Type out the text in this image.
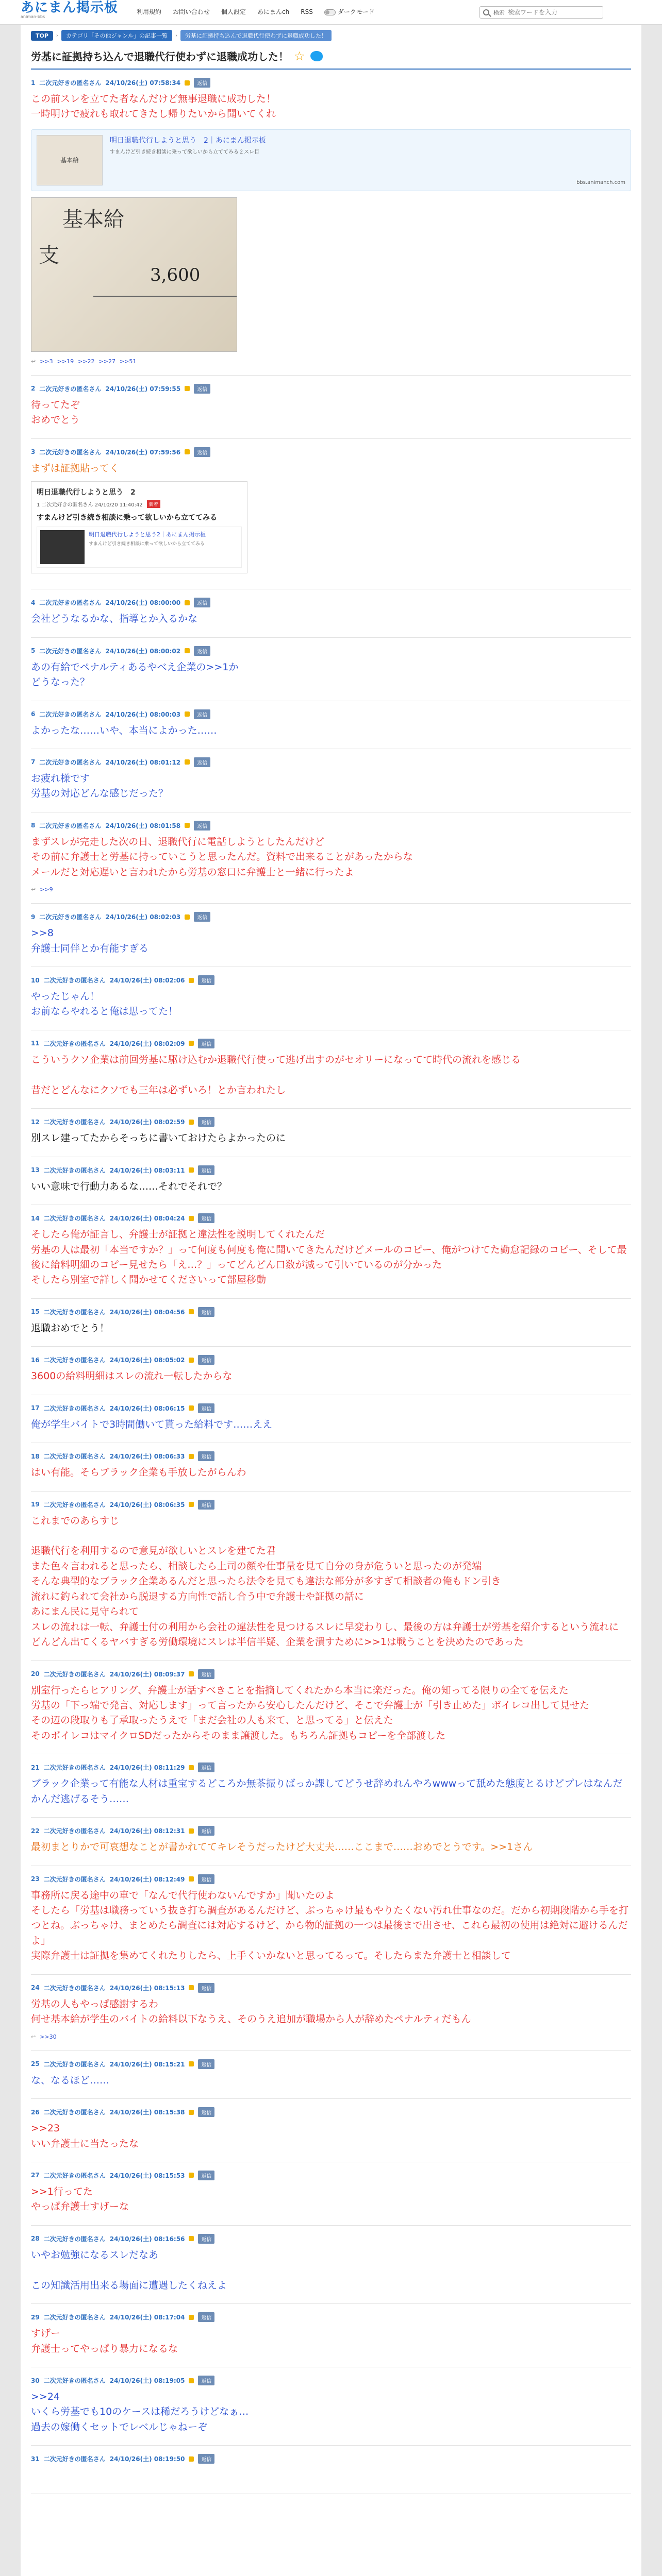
あにまん掲示板
animan-bbs
利用規約 お問い合わせ 個人設定 あにまんch RSS	ダークモード	検索
検索ワードを入力
TOP	›	カテゴリ「その他ジャンル」の記事一覧	›	労基に証拠持ち込んで退職代行使わずに退職成功した！
労基に証拠持ち込んで退職代行使わずに退職成功した！ ☆
1 二次元好きの匿名さん 24/10/26(土) 07:58:34	返信
この前スレを立てた者なんだけど無事退職に成功した！
一時明けで疲れも取れてきたし帰りたいから聞いてくれ
基本給
明日退職代行しようと思う　2｜あにまん掲示板
すまんけど引き続き相談に乗って欲しいから立ててみる２スレ目
bbs.animanch.com
基本給
支
3,600
↩ >>3 >>19 >>22 >>27 >>51
2 二次元好きの匿名さん 24/10/26(土) 07:59:55	返信
待ってたぞ
おめでとう
3 二次元好きの匿名さん 24/10/26(土) 07:59:56	返信
まずは証拠貼ってく
明日退職代行しようと思う　2
1 二次元好きの匿名さん 24/10/20 11:40:42	新着
すまんけど引き続き相談に乗って欲しいから立ててみる
明日退職代行しようと思う2｜あにまん掲示板
すまんけど引き続き相談に乗って欲しいから立ててみる
4 二次元好きの匿名さん 24/10/26(土) 08:00:00	返信
会社どうなるかな、指導とか入るかな
5 二次元好きの匿名さん 24/10/26(土) 08:00:02	返信
あの有給でペナルティあるやべえ企業の>>1か
どうなった？
6 二次元好きの匿名さん 24/10/26(土) 08:00:03	返信
よかったな……いや、本当によかった……
7 二次元好きの匿名さん 24/10/26(土) 08:01:12	返信
お疲れ様です
労基の対応どんな感じだった？
8 二次元好きの匿名さん 24/10/26(土) 08:01:58	返信
まずスレが完走した次の日、退職代行に電話しようとしたんだけど
その前に弁護士と労基に持っていこうと思ったんだ。資料で出来ることがあったからな
メールだと対応遅いと言われたから労基の窓口に弁護士と一緒に行ったよ
↩ >>9
9 二次元好きの匿名さん 24/10/26(土) 08:02:03	返信
>>8
弁護士同伴とか有能すぎる
10 二次元好きの匿名さん 24/10/26(土) 08:02:06	返信
やったじゃん！
お前ならやれると俺は思ってた！
11 二次元好きの匿名さん 24/10/26(土) 08:02:09	返信
こういうクソ企業は前回労基に駆け込むか退職代行使って逃げ出すのがセオリーになってて時代の流れを感じる
昔だとどんなにクソでも三年は必ずいろ！とか言われたし
12 二次元好きの匿名さん 24/10/26(土) 08:02:59	返信
別スレ建ってたからそっちに書いておけたらよかったのに
13 二次元好きの匿名さん 24/10/26(土) 08:03:11	返信
いい意味で行動力あるな……それでそれで？
14 二次元好きの匿名さん 24/10/26(土) 08:04:24	返信
そしたら俺が証言し、弁護士が証拠と違法性を説明してくれたんだ
労基の人は最初「本当ですか？」って何度も何度も俺に聞いてきたんだけどメールのコピー、俺がつけてた勤怠記録のコピー、そして最後に給料明細のコピー見せたら「え…？」ってどんどん口数が減って引いているのが分かった
そしたら別室で詳しく聞かせてくださいって部屋移動
15 二次元好きの匿名さん 24/10/26(土) 08:04:56	返信
退職おめでとう！
16 二次元好きの匿名さん 24/10/26(土) 08:05:02	返信
3600の給料明細はスレの流れ一転したからな
17 二次元好きの匿名さん 24/10/26(土) 08:06:15	返信
俺が学生バイトで3時間働いて貰った給料です……ええ
18 二次元好きの匿名さん 24/10/26(土) 08:06:33	返信
はい有能。そらブラック企業も手放したがらんわ
19 二次元好きの匿名さん 24/10/26(土) 08:06:35	返信
これまでのあらすじ
退職代行を利用するので意見が欲しいとスレを建てた君
また色々言われると思ったら、相談したら上司の顔や仕事量を見て自分の身が危ういと思ったのが発端
そんな典型的なブラック企業あるんだと思ったら法令を見ても違法な部分が多すぎて相談者の俺もドン引き
流れに釣られて会社から脱退する方向性で話し合う中で弁護士や証拠の話に
あにまん民に見守られて
スレの流れは一転、弁護士付の利用から会社の違法性を見つけるスレに早変わりし、最後の方は弁護士が労基を紹介するという流れに
どんどん出てくるヤバすぎる労働環境にスレは半信半疑、企業を潰すために>>1は戦うことを決めたのであった
20 二次元好きの匿名さん 24/10/26(土) 08:09:37	返信
別室行ったらヒアリング、弁護士が話すべきことを指摘してくれたから本当に楽だった。俺の知ってる限りの全てを伝えた
労基の「下っ端で発言、対応します」って言ったから安心したんだけど、そこで弁護士が「引き止めた」ボイレコ出して見せた
その辺の段取りも了承取ったうえで「まだ会社の人も来て、と思ってる」と伝えた
そのボイレコはマイクロSDだったからそのまま譲渡した。もちろん証拠もコピーを全部渡した
21 二次元好きの匿名さん 24/10/26(土) 08:11:29	返信
ブラック企業って有能な人材は重宝するどころか無茶振りばっか課してどうせ辞めれんやろwwwって舐めた態度とるけどプレはなんだかんだ逃げるそう……
22 二次元好きの匿名さん 24/10/26(土) 08:12:31	返信
最初まとりかで可哀想なことが書かれててキレそうだったけど大丈夫……ここまで……おめでとうです。>>1さん
23 二次元好きの匿名さん 24/10/26(土) 08:12:49	返信
事務所に戻る途中の車で「なんで代行使わないんですか」聞いたのよ
そしたら「労基は職務っていう抜き打ち調査があるんだけど、ぶっちゃけ最もやりたくない汚れ仕事なのだ。だから初期段階から手を打つとね。ぶっちゃけ、まとめたら調査には対応するけど、から物的証拠の一つは最後まで出させ、これら最初の使用は絶対に避けるんだよ」
実際弁護士は証拠を集めてくれたりしたら、上手くいかないと思ってるって。そしたらまた弁護士と相談して
24 二次元好きの匿名さん 24/10/26(土) 08:15:13	返信
労基の人もやっぱ感謝するわ
何せ基本給が学生のバイトの給料以下なうえ、そのうえ追加が職場から人が辞めたペナルティだもん
↩ >>30
25 二次元好きの匿名さん 24/10/26(土) 08:15:21	返信
な、なるほど……
26 二次元好きの匿名さん 24/10/26(土) 08:15:38	返信
>>23
いい弁護士に当たったな
27 二次元好きの匿名さん 24/10/26(土) 08:15:53	返信
>>1行ってた
やっぱ弁護士すげーな
28 二次元好きの匿名さん 24/10/26(土) 08:16:56	返信
いやお勉強になるスレだなあ
この知識活用出来る場面に遭遇したくねえよ
29 二次元好きの匿名さん 24/10/26(土) 08:17:04	返信
すげー
弁護士ってやっぱり暴力になるな
30 二次元好きの匿名さん 24/10/26(土) 08:19:05	返信
>>24
いくら労基でも10のケースは稀だろうけどなぁ…
過去の嫁働くセットでレベルじゃねーぞ
31 二次元好きの匿名さん 24/10/26(土) 08:19:50	返信
